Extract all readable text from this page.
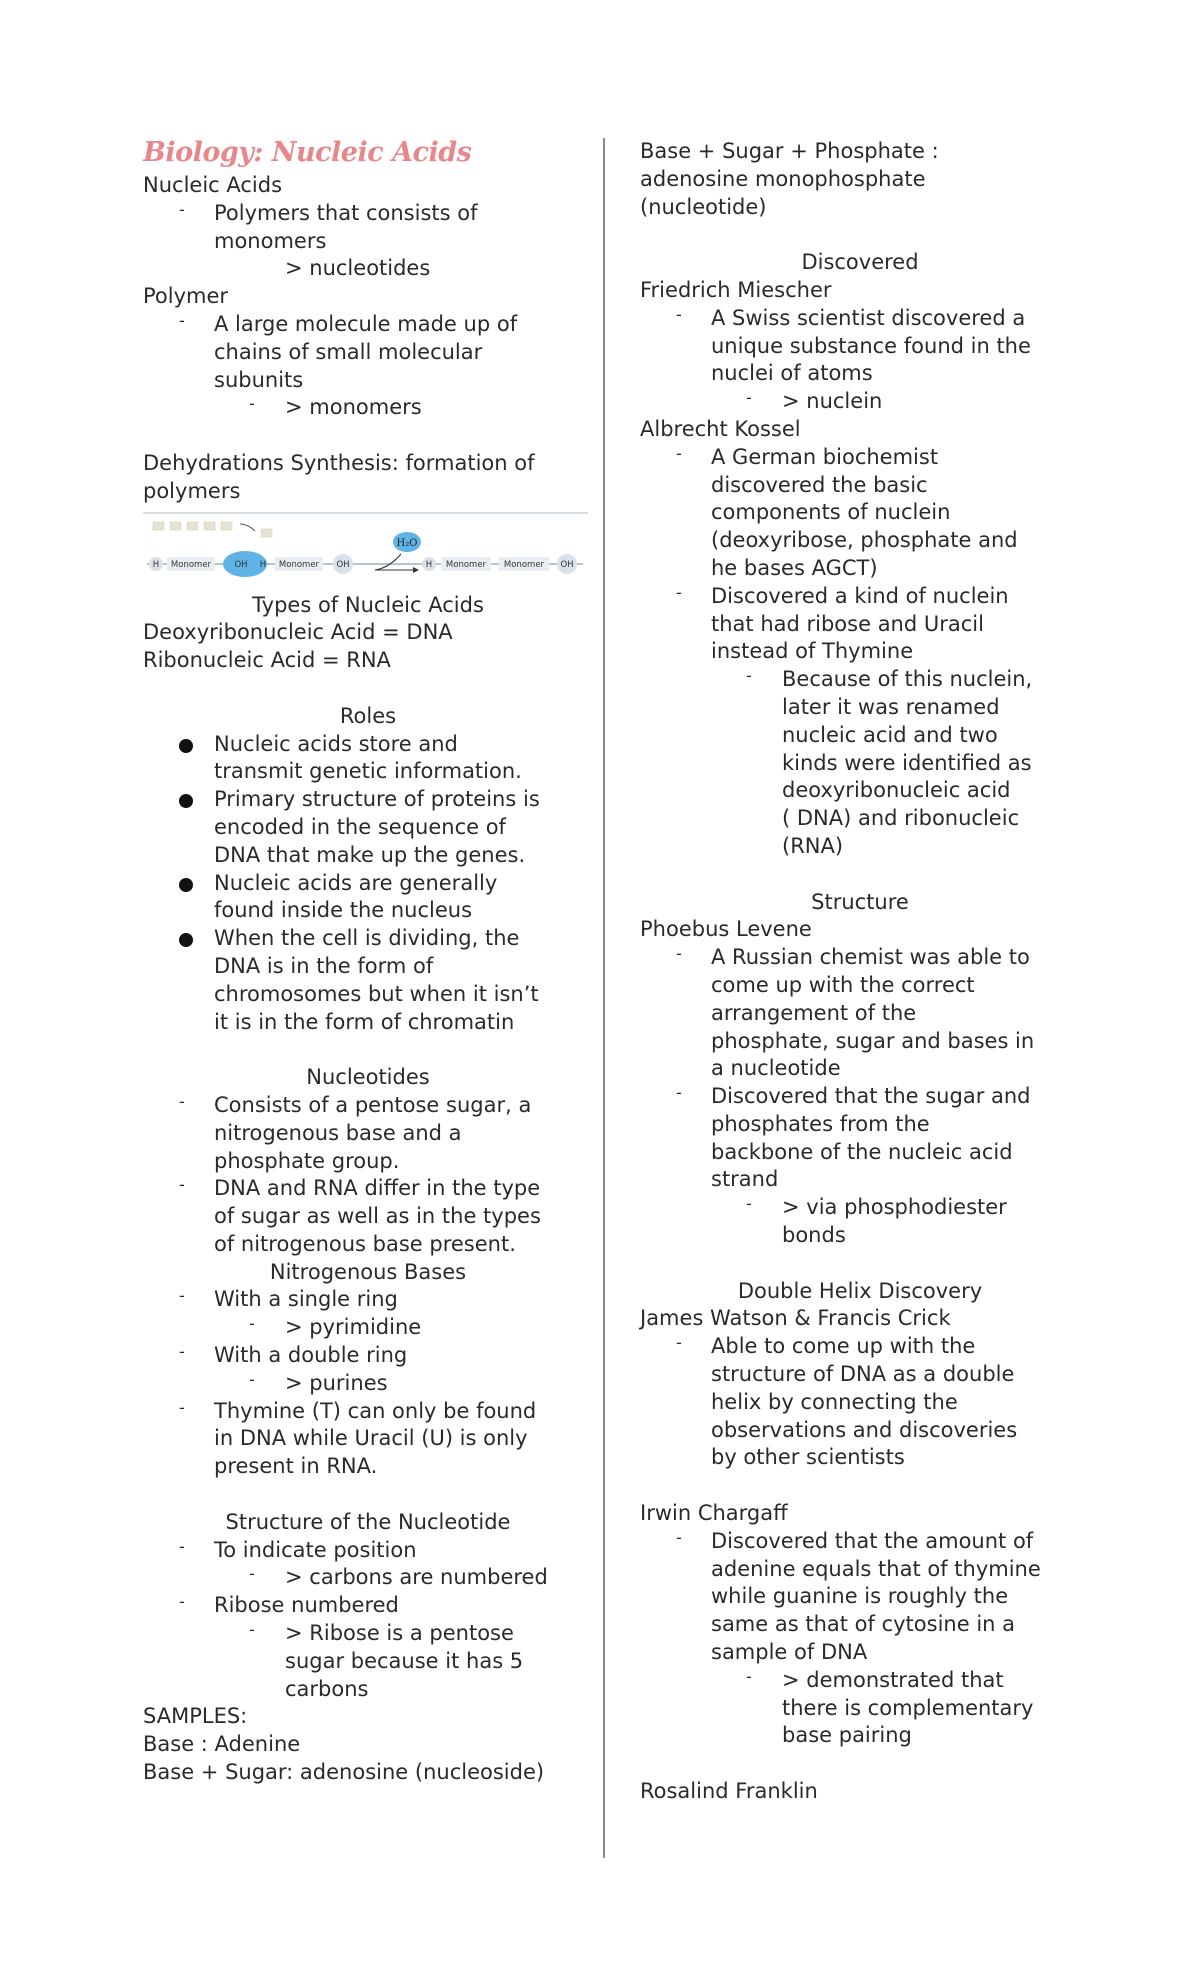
Biology: Nucleic Acids
Nucleic Acids
- Polymers that consists of
monomers
> nucleotides
Polymer
- A large molecule made up of
chains of small molecular
subunits
- > monomers
Dehydrations Synthesis: formation of
polymers
H₂O
H Monomer	OH H Monomer OH	H Monomer Monomer OH
Types of Nucleic Acids
Deoxyribonucleic Acid = DNA
Ribonucleic Acid = RNA
Roles
Nucleic acids store and
transmit genetic information.
Primary structure of proteins is
encoded in the sequence of
DNA that make up the genes.
Nucleic acids are generally
found inside the nucleus
When the cell is dividing, the
DNA is in the form of
chromosomes but when it isn’t
it is in the form of chromatin
Nucleotides
- Consists of a pentose sugar, a
nitrogenous base and a
phosphate group.
- DNA and RNA differ in the type
of sugar as well as in the types
of nitrogenous base present.
Nitrogenous Bases
- With a single ring
- > pyrimidine
- With a double ring
- > purines
- Thymine (T) can only be found
in DNA while Uracil (U) is only
present in RNA.
Structure of the Nucleotide
- To indicate position
- > carbons are numbered
- Ribose numbered
- > Ribose is a pentose
sugar because it has 5
carbons
SAMPLES:
Base : Adenine
Base + Sugar: adenosine (nucleoside)
Base + Sugar + Phosphate :
adenosine monophosphate
(nucleotide)
Discovered
Friedrich Miescher
- A Swiss scientist discovered a
unique substance found in the
nuclei of atoms
- > nuclein
Albrecht Kossel
- A German biochemist
discovered the basic
components of nuclein
(deoxyribose, phosphate and
he bases AGCT)
- Discovered a kind of nuclein
that had ribose and Uracil
instead of Thymine
- Because of this nuclein,
later it was renamed
nucleic acid and two
kinds were identified as
deoxyribonucleic acid
( DNA) and ribonucleic
(RNA)
Structure
Phoebus Levene
- A Russian chemist was able to
come up with the correct
arrangement of the
phosphate, sugar and bases in
a nucleotide
- Discovered that the sugar and
phosphates from the
backbone of the nucleic acid
strand
- > via phosphodiester
bonds
Double Helix Discovery
James Watson & Francis Crick
- Able to come up with the
structure of DNA as a double
helix by connecting the
observations and discoveries
by other scientists
Irwin Chargaff
- Discovered that the amount of
adenine equals that of thymine
while guanine is roughly the
same as that of cytosine in a
sample of DNA
- > demonstrated that
there is complementary
base pairing
Rosalind Franklin
